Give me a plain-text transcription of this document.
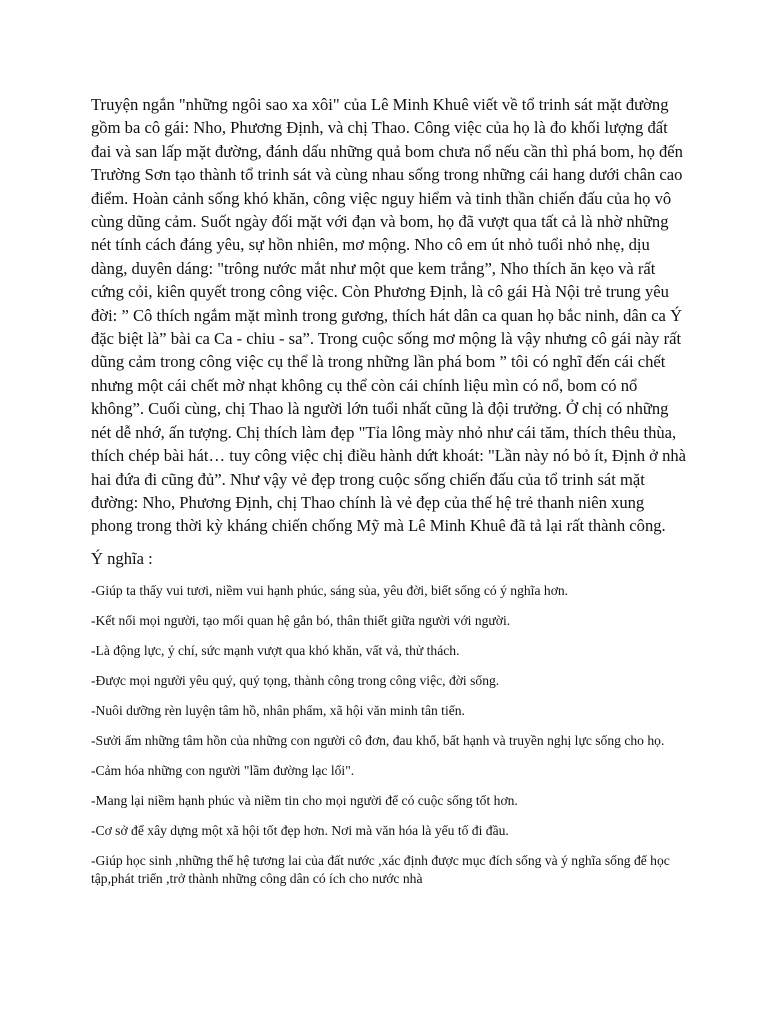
Truyện ngắn "những ngôi sao xa xôi" của Lê Minh Khuê viết về tổ trinh sát mặt đường gồm ba cô gái: Nho, Phương Định, và chị Thao. Công việc của họ là đo khối lượng đất đai và san lấp mặt đường, đánh dấu những quả bom chưa nổ nếu cần thì phá bom, họ đến Trường Sơn tạo thành tổ trinh sát và cùng nhau sống trong những cái hang dưới chân cao điểm. Hoàn cảnh sống khó khăn, công việc nguy hiểm và tinh thần chiến đấu của họ vô cùng dũng cảm. Suốt ngày đối mặt với đạn và bom, họ đã vượt qua tất cả là nhờ những nét tính cách đáng yêu, sự hồn nhiên, mơ mộng. Nho cô em út nhỏ tuổi nhỏ nhẹ, dịu dàng, duyên dáng: "trông nước mắt như một que kem trắng”, Nho thích ăn kẹo và rất cứng cỏi, kiên quyết trong công việc. Còn Phương Định, là cô gái Hà Nội trẻ trung yêu đời: ” Cô thích ngắm mặt mình trong gương, thích hát dân ca quan họ bắc ninh, dân ca Ý đặc biệt là” bài ca Ca - chiu - sa”. Trong cuộc sống mơ mộng là vậy nhưng cô gái này rất dũng cảm trong công việc cụ thể là trong những lần phá bom ” tôi có nghĩ đến cái chết nhưng một cái chết mờ nhạt không cụ thể còn cái chính liệu mìn có nổ, bom có nổ không”. Cuối cùng, chị Thao là người lớn tuổi nhất cũng là đội trưởng. Ở chị có những nét dễ nhớ, ấn tượng. Chị thích làm đẹp "Tỉa lông mày nhỏ như cái tăm, thích thêu thùa, thích chép bài hát… tuy công việc chị điều hành dứt khoát: "Lần này nó bỏ ít, Định ở nhà hai đứa đi cũng đủ”. Như vậy vẻ đẹp trong cuộc sống chiến đấu của tổ trinh sát mặt đường: Nho, Phương Định, chị Thao chính là vẻ đẹp của thế hệ trẻ thanh niên xung phong trong thời kỳ kháng chiến chống Mỹ mà Lê Minh Khuê đã tả lại rất thành công.

Ý nghĩa :
-Giúp ta thấy vui tươi, niềm vui hạnh phúc, sáng sủa, yêu đời, biết sống có ý nghĩa hơn.
-Kết nối mọi người, tạo mối quan hệ gắn bó, thân thiết giữa người với người.
-Là động lực, ý chí, sức mạnh vượt qua khó khăn, vất vả, thử thách.
-Được mọi người yêu quý, quý tọng, thành công trong công việc, đời sống.
-Nuôi dưỡng rèn luyện tâm hồ, nhân phẩm, xã hội văn minh tân tiến.
-Sưởi ấm những tâm hồn của những con người cô đơn, đau khổ, bất hạnh và truyền nghị lực sống cho họ.
-Cảm hóa những con người "lầm đường lạc lối".
-Mang lại niềm hạnh phúc và niềm tin cho mọi người để có cuộc sống tốt hơn.
-Cơ sở để xây dựng một xã hội tốt đẹp hơn. Nơi mà văn hóa là yếu tố đi đầu.
-Giúp học sinh ,những thế hệ tương lai của đất nước ,xác định được mục đích sống và ý nghĩa sống để học tập,phát triển ,trở thành những công dân có ích cho nước nhà
